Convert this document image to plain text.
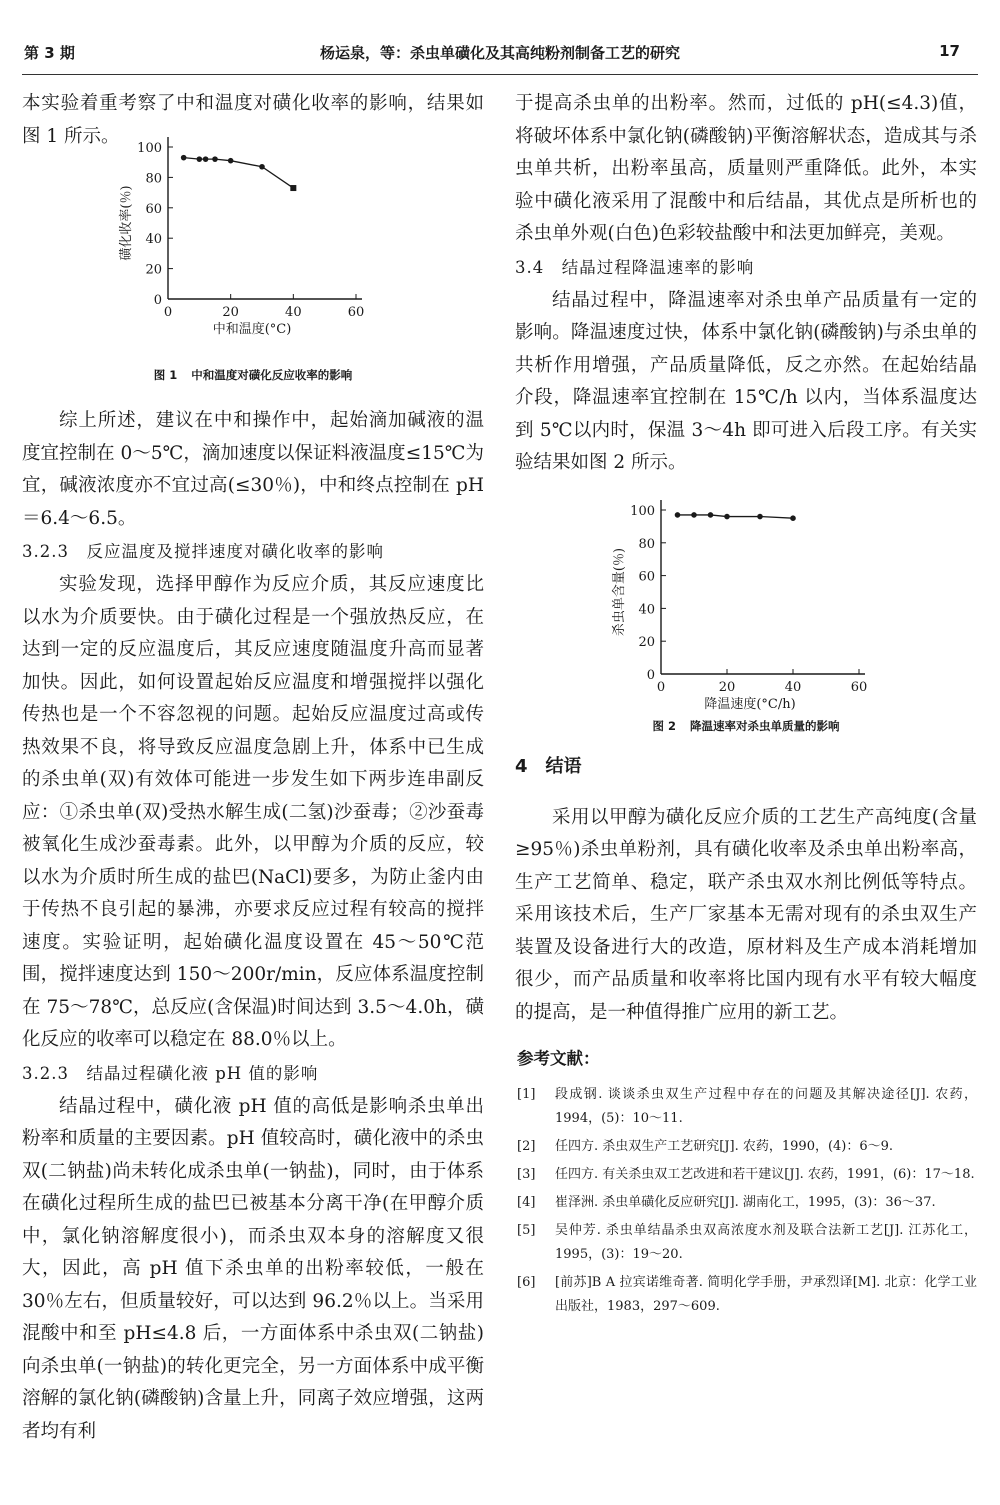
第 3 期	杨运泉，等：杀虫单磺化及其高纯粉剂制备工艺的研究	17

本实验着重考察了中和温度对磺化收率的影响，结果如图 1 所示。

0
20
40
60
80
100
0	20	40	60
中和温度(°C)
磺化收率(％)
图 1 中和温度对磺化反应收率的影响

综上所述，建议在中和操作中，起始滴加碱液的温度宜控制在 0～5℃，滴加速度以保证料液温度≤15℃为宜，碱液浓度亦不宜过高(≤30％)，中和终点控制在 pH＝6.4～6.5。

3.2.3　反应温度及搅拌速度对磺化收率的影响

实验发现，选择甲醇作为反应介质，其反应速度比以水为介质要快。由于磺化过程是一个强放热反应，在达到一定的反应温度后，其反应速度随温度升高而显著加快。因此，如何设置起始反应温度和增强搅拌以强化传热也是一个不容忽视的问题。起始反应温度过高或传热效果不良，将导致反应温度急剧上升，体系中已生成的杀虫单(双)有效体可能进一步发生如下两步连串副反应：①杀虫单(双)受热水解生成(二氢)沙蚕毒；②沙蚕毒被氧化生成沙蚕毒素。此外，以甲醇为介质的反应，较以水为介质时所生成的盐巴(NaCl)要多，为防止釜内由于传热不良引起的暴沸，亦要求反应过程有较高的搅拌速度。实验证明，起始磺化温度设置在 45～50℃范围，搅拌速度达到 150～200r/min，反应体系温度控制在 75～78℃，总反应(含保温)时间达到 3.5～4.0h，磺化反应的收率可以稳定在 88.0％以上。

3.2.3　结晶过程磺化液 pH 值的影响

结晶过程中，磺化液 pH 值的高低是影响杀虫单出粉率和质量的主要因素。pH 值较高时，磺化液中的杀虫双(二钠盐)尚未转化成杀虫单(一钠盐)，同时，由于体系在磺化过程所生成的盐巴已被基本分离干净(在甲醇介质中，氯化钠溶解度很小)，而杀虫双本身的溶解度又很大，因此，高 pH 值下杀虫单的出粉率较低，一般在 30％左右，但质量较好，可以达到 96.2％以上。当采用混酸中和至 pH≤4.8 后，一方面体系中杀虫双(二钠盐)向杀虫单(一钠盐)的转化更完全，另一方面体系中成平衡溶解的氯化钠(磷酸钠)含量上升，同离子效应增强，这两者均有利

于提高杀虫单的出粉率。然而，过低的 pH(≤4.3)值，将破坏体系中氯化钠(磷酸钠)平衡溶解状态，造成其与杀虫单共析，出粉率虽高，质量则严重降低。此外，本实验中磺化液采用了混酸中和后结晶，其优点是所析也的杀虫单外观(白色)色彩较盐酸中和法更加鲜亮，美观。

3.4　结晶过程降温速率的影响

结晶过程中，降温速率对杀虫单产品质量有一定的影响。降温速度过快，体系中氯化钠(磷酸钠)与杀虫单的共析作用增强，产品质量降低，反之亦然。在起始结晶介段，降温速率宜控制在 15℃/h 以内，当体系温度达到 5℃以内时，保温 3～4h 即可进入后段工序。有关实验结果如图 2 所示。

0
20
40
60
80
100
0	20	40	60
降温速度(°C/h)
杀虫单含量(％)
图 2 降温速率对杀虫单质量的影响
4　结语

采用以甲醇为磺化反应介质的工艺生产高纯度(含量≥95％)杀虫单粉剂，具有磺化收率及杀虫单出粉率高，生产工艺简单、稳定，联产杀虫双水剂比例低等特点。采用该技术后，生产厂家基本无需对现有的杀虫双生产装置及设备进行大的改造，原材料及生产成本消耗增加很少，而产品质量和收率将比国内现有水平有较大幅度的提高，是一种值得推广应用的新工艺。

参考文献：
[1] 段成钢. 谈谈杀虫双生产过程中存在的问题及其解决途径[J]. 农药，1994，(5)：10～11.
[2] 任四方. 杀虫双生产工艺研究[J]. 农药，1990，(4)：6～9.
[3] 任四方. 有关杀虫双工艺改进和若干建议[J]. 农药，1991，(6)：17～18.
[4] 崔泽洲. 杀虫单磺化反应研究[J]. 湖南化工，1995，(3)：36～37.
[5] 吴仲芳. 杀虫单结晶杀虫双高浓度水剂及联合法新工艺[J]. 江苏化工，1995，(3)：19～20.
[6] [前苏]B A 拉宾诺维奇著. 简明化学手册，尹承烈译[M]. 北京：化学工业出版社，1983，297～609.
